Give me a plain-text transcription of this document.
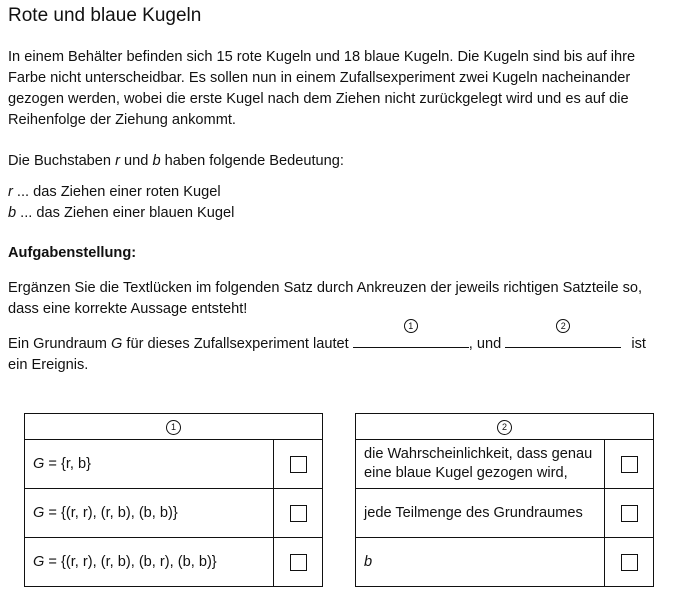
Rote und blaue Kugeln
In einem Behälter befinden sich 15 rote Kugeln und 18 blaue Kugeln. Die Kugeln sind bis auf ihre Farbe nicht unterscheidbar. Es sollen nun in einem Zufallsexperiment zwei Kugeln nacheinander gezogen werden, wobei die erste Kugel nach dem Ziehen nicht zurückgelegt wird und es auf die Reihenfolge der Ziehung ankommt.
Die Buchstaben r und b haben folgende Bedeutung:
r ... das Ziehen einer roten Kugel
b ... das Ziehen einer blauen Kugel
Aufgabenstellung:
Ergänzen Sie die Textlücken im folgenden Satz durch Ankreuzen der jeweils richtigen Satzteile so, dass eine korrekte Aussage entsteht!
Ein Grundraum G für dieses Zufallsexperiment lautet
1
, und
2
ist ein Ereignis.
1	
G = {r, b}	
G = {(r, r), (r, b), (b, b)}	
G = {(r, r), (r, b), (b, r), (b, b)}	
2	
die Wahrscheinlichkeit, dass genau eine blaue Kugel gezogen wird,	
jede Teilmenge des Grundraumes	
b	
